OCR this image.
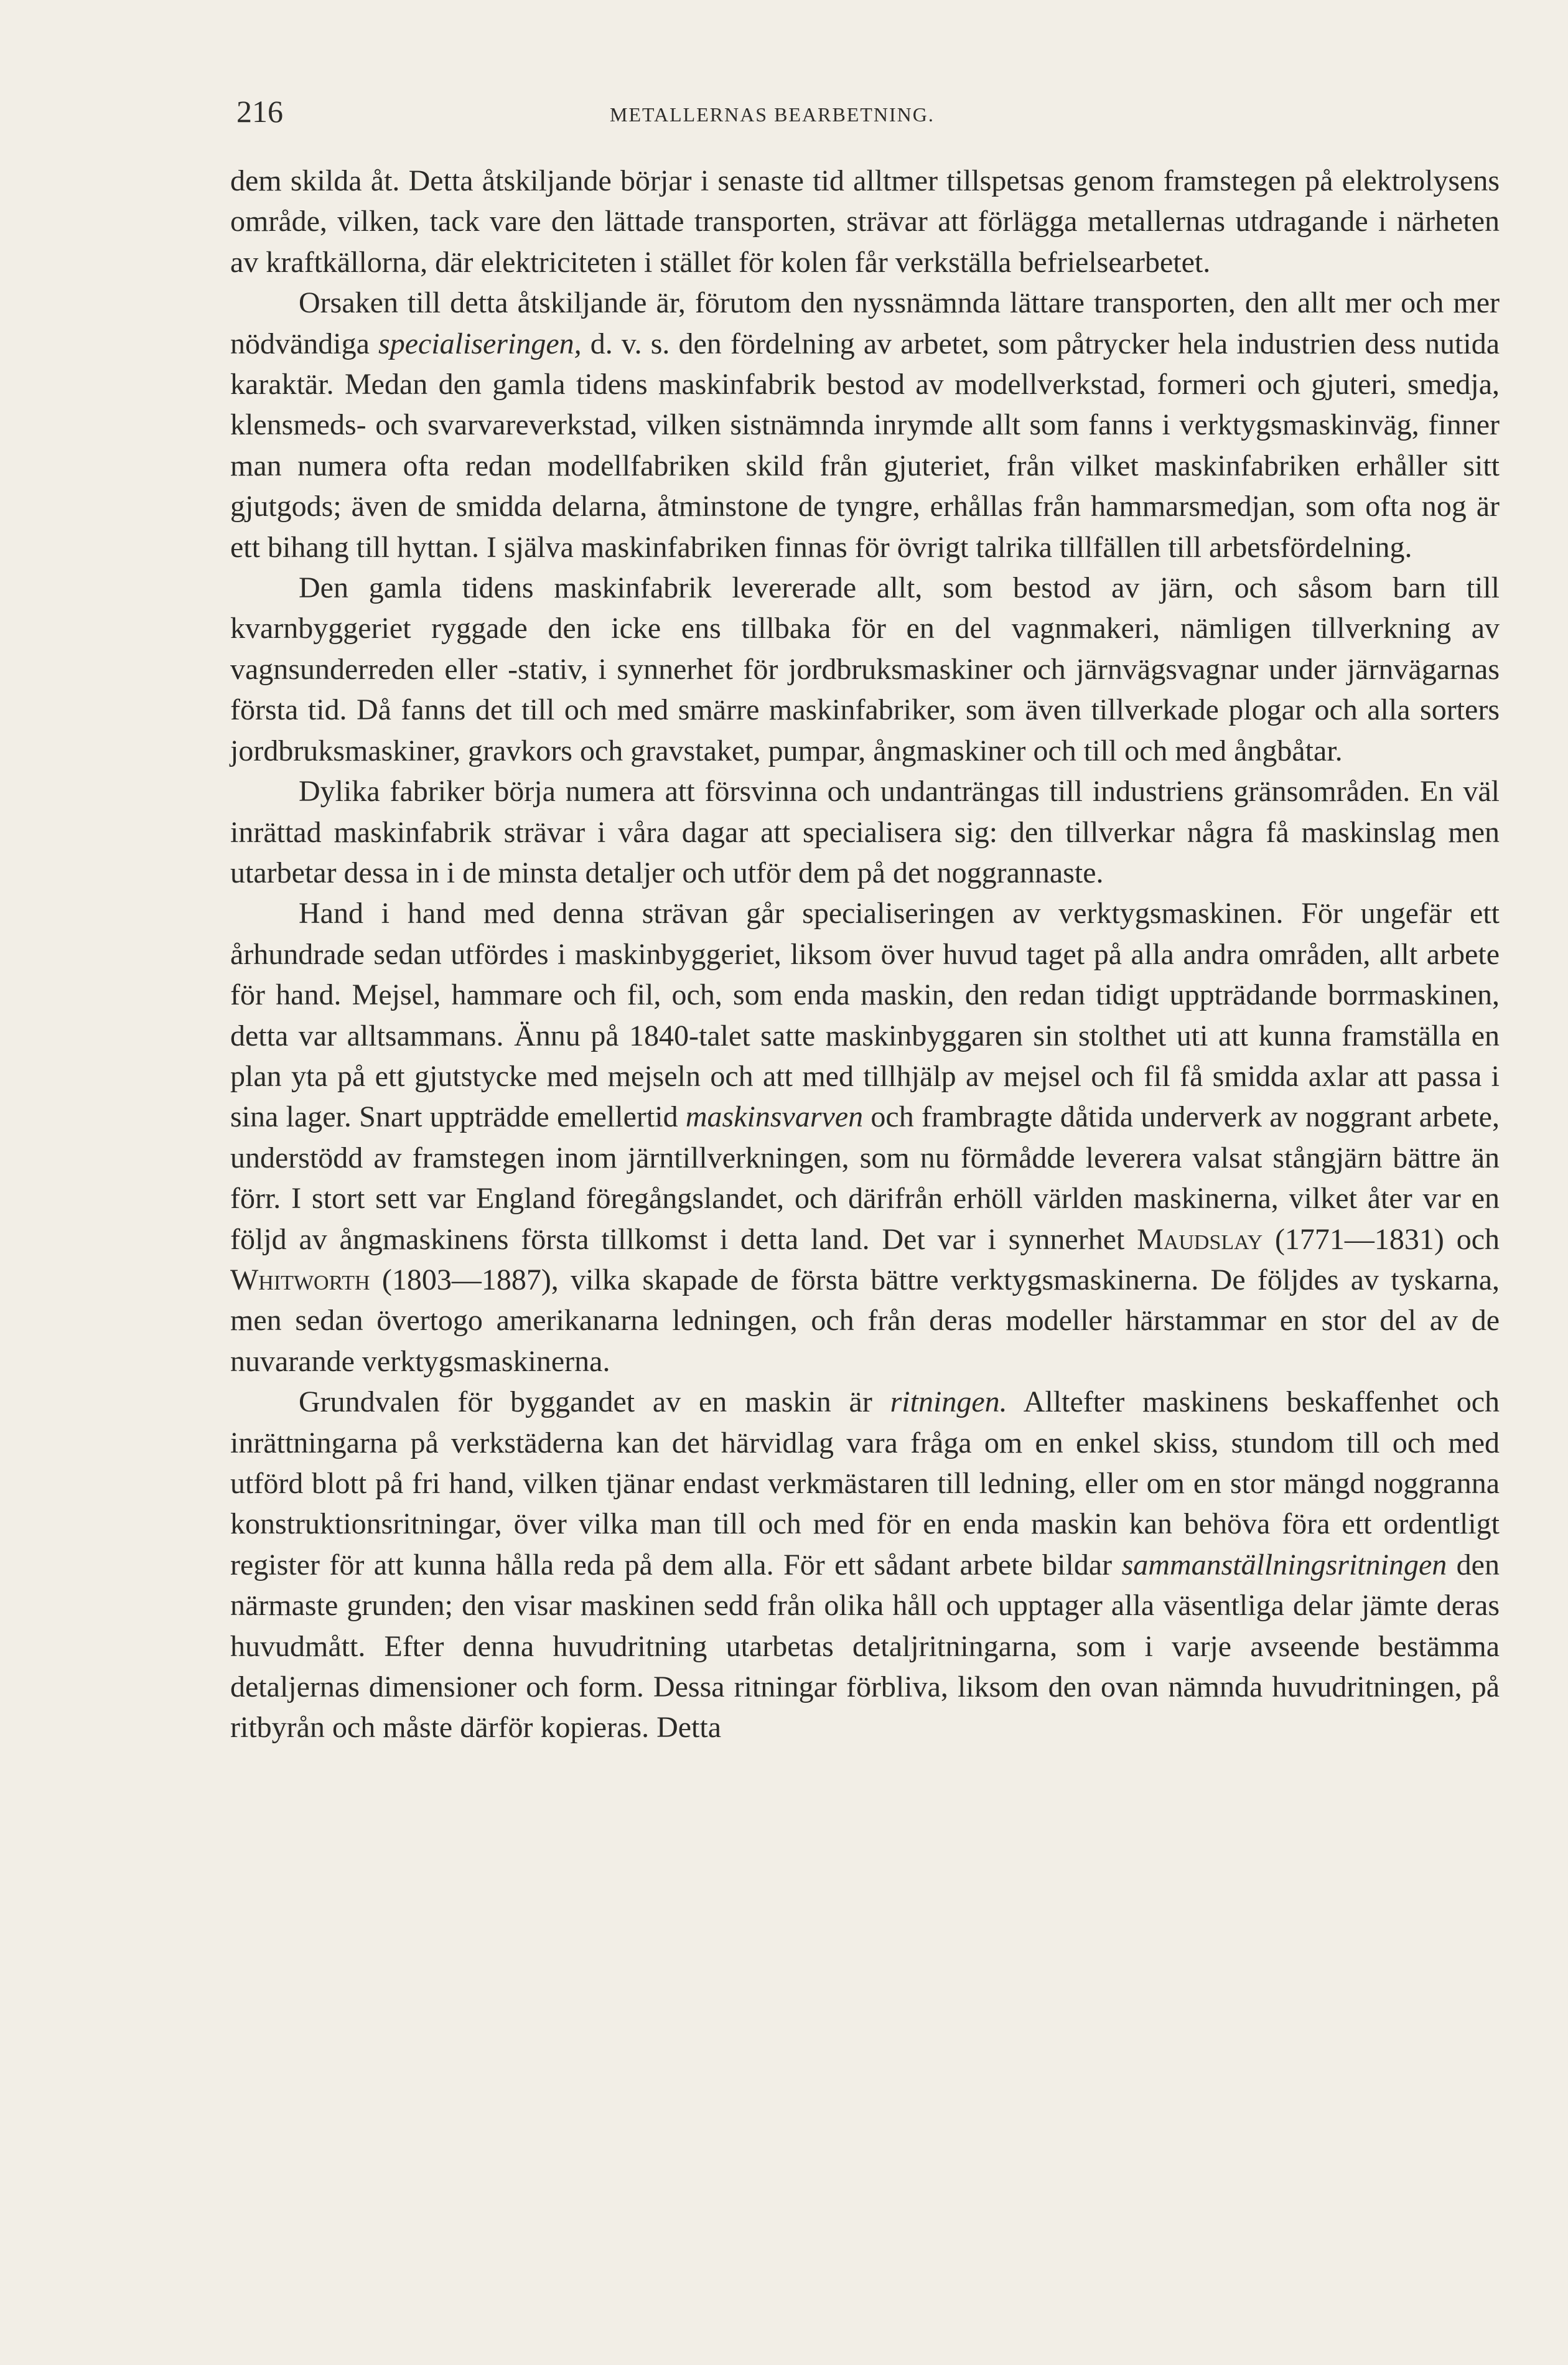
216	METALLERNAS BEARBETNING.

dem skilda åt. Detta åtskiljande börjar i senaste tid alltmer tillspetsas genom framstegen på elektrolysens område, vilken, tack vare den lättade transporten, strävar att förlägga metallernas utdragande i närheten av kraftkällorna, där elektriciteten i stället för kolen får verkställa befrielsearbetet.

Orsaken till detta åtskiljande är, förutom den nyssnämnda lättare transporten, den allt mer och mer nödvändiga specialiseringen, d. v. s. den fördelning av arbetet, som påtrycker hela industrien dess nutida karaktär. Medan den gamla tidens maskinfabrik bestod av modellverkstad, formeri och gjuteri, smedja, klensmeds- och svarvareverkstad, vilken sistnämnda inrymde allt som fanns i verktygsmaskinväg, finner man numera ofta redan modellfabriken skild från gjuteriet, från vilket maskinfabriken erhåller sitt gjutgods; även de smidda delarna, åtminstone de tyngre, erhållas från hammarsmedjan, som ofta nog är ett bihang till hyttan. I själva maskinfabriken finnas för övrigt talrika tillfällen till arbetsfördelning.

Den gamla tidens maskinfabrik levererade allt, som bestod av järn, och såsom barn till kvarnbyggeriet ryggade den icke ens tillbaka för en del vagnmakeri, nämligen tillverkning av vagnsunderreden eller -stativ, i synnerhet för jordbruksmaskiner och järnvägsvagnar under järnvägarnas första tid. Då fanns det till och med smärre maskinfabriker, som även tillverkade plogar och alla sorters jordbruksmaskiner, gravkors och gravstaket, pumpar, ångmaskiner och till och med ångbåtar.

Dylika fabriker börja numera att försvinna och undanträngas till industriens gränsområden. En väl inrättad maskinfabrik strävar i våra dagar att specialisera sig: den tillverkar några få maskinslag men utarbetar dessa in i de minsta detaljer och utför dem på det noggrannaste.

Hand i hand med denna strävan går specialiseringen av verktygsmaskinen. För ungefär ett århundrade sedan utfördes i maskinbyggeriet, liksom över huvud taget på alla andra områden, allt arbete för hand. Mejsel, hammare och fil, och, som enda maskin, den redan tidigt uppträdande borrmaskinen, detta var alltsammans. Ännu på 1840-talet satte maskinbyggaren sin stolthet uti att kunna framställa en plan yta på ett gjutstycke med mejseln och att med tillhjälp av mejsel och fil få smidda axlar att passa i sina lager. Snart uppträdde emellertid maskinsvarven och frambragte dåtida underverk av noggrant arbete, understödd av framstegen inom järntillverkningen, som nu förmådde leverera valsat stångjärn bättre än förr. I stort sett var England föregångslandet, och därifrån erhöll världen maskinerna, vilket åter var en följd av ångmaskinens första tillkomst i detta land. Det var i synnerhet Maudslay (1771—1831) och Whitworth (1803—1887), vilka skapade de första bättre verktygsmaskinerna. De följdes av tyskarna, men sedan övertogo amerikanarna ledningen, och från deras modeller härstammar en stor del av de nuvarande verktygsmaskinerna.

Grundvalen för byggandet av en maskin är ritningen. Alltefter maskinens beskaffenhet och inrättningarna på verkstäderna kan det härvidlag vara fråga om en enkel skiss, stundom till och med utförd blott på fri hand, vilken tjänar endast verkmästaren till ledning, eller om en stor mängd noggranna konstruktionsritningar, över vilka man till och med för en enda maskin kan behöva föra ett ordentligt register för att kunna hålla reda på dem alla. För ett sådant arbete bildar sammanställningsritningen den närmaste grunden; den visar maskinen sedd från olika håll och upptager alla väsentliga delar jämte deras huvudmått. Efter denna huvudritning utarbetas detaljritningarna, som i varje avseende bestämma detaljernas dimensioner och form. Dessa ritningar förbliva, liksom den ovan nämnda huvudritningen, på ritbyrån och måste därför kopieras. Detta
